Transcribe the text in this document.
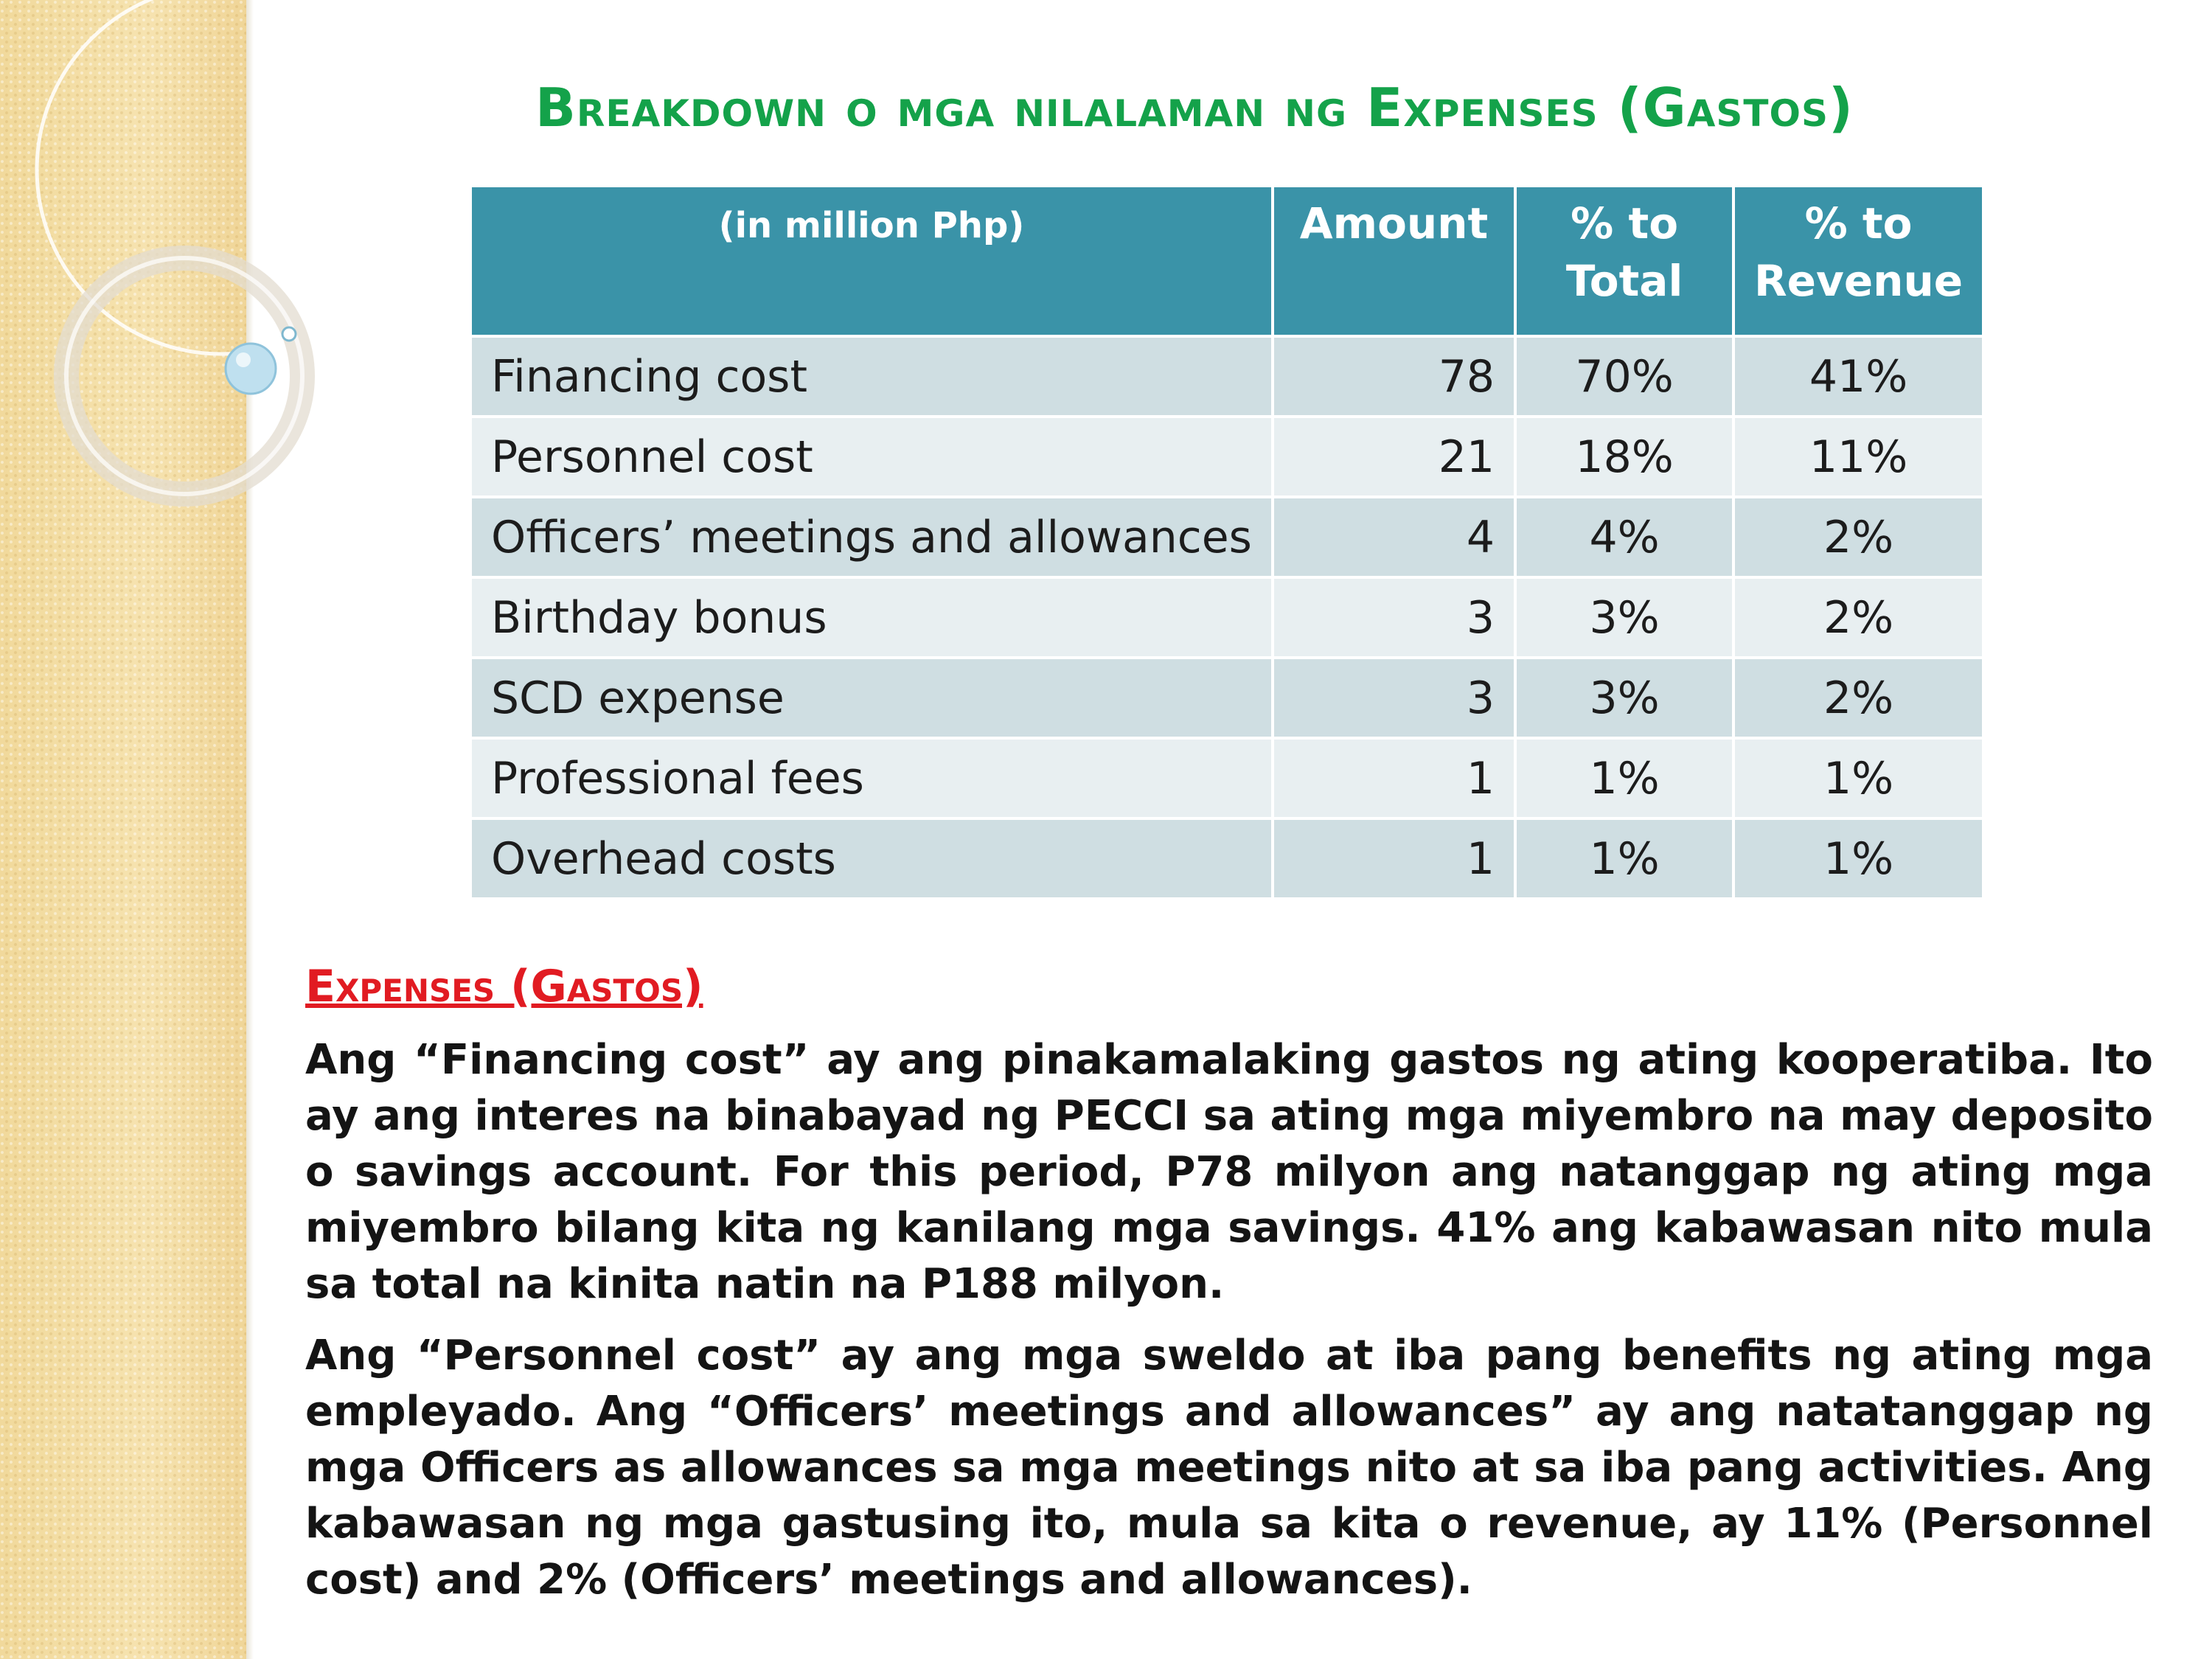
Breakdown o mga nilalaman ng Expenses (Gastos)
(in million Php)	Amount	% to Total	% to Revenue
Financing cost	78	70%	41%
Personnel cost	21	18%	11%
Officers’ meetings and allowances	4	4%	2%
Birthday bonus	3	3%	2%
SCD expense	3	3%	2%
Professional fees	1	1%	1%
Overhead costs	1	1%	1%
Expenses (Gastos)

Ang “Financing cost” ay ang pinakamalaking gastos ng ating kooperatiba. Ito ay ang interes na binabayad ng PECCI sa ating mga miyembro na may deposito o savings account. For this period, P78 milyon ang natanggap ng ating mga miyembro bilang kita ng kanilang mga savings. 41% ang kabawasan nito mula sa total na kinita natin na P188 milyon.

Ang “Personnel cost” ay ang mga sweldo at iba pang benefits ng ating mga empleyado. Ang “Officers’ meetings and allowances” ay ang natatanggap ng mga Officers as allowances sa mga meetings nito at sa iba pang activities. Ang kabawasan ng mga gastusing ito, mula sa kita o revenue, ay 11% (Personnel cost) and 2% (Officers’ meetings and allowances).
